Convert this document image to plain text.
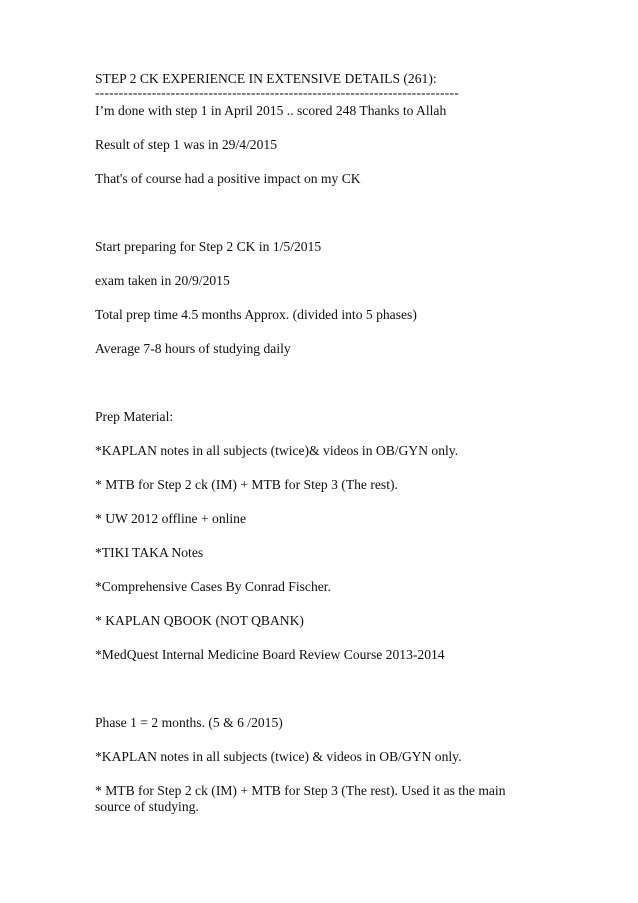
STEP 2 CK EXPERIENCE IN EXTENSIVE DETAILS (261):

-----------------------------------------------------------------------------

I’m done with step 1 in April 2015 .. scored 248 Thanks to Allah

Result of step 1 was in 29/4/2015

That's of course had a positive impact on my CK

Start preparing for Step 2 CK in 1/5/2015

exam taken in 20/9/2015

Total prep time 4.5 months Approx. (divided into 5 phases)

Average 7-8 hours of studying daily

Prep Material:

*KAPLAN notes in all subjects (twice)& videos in OB/GYN only.

* MTB for Step 2 ck (IM) + MTB for Step 3 (The rest).

* UW 2012 offline + online

*TIKI TAKA Notes

*Comprehensive Cases By Conrad Fischer.

* KAPLAN QBOOK (NOT QBANK)

*MedQuest Internal Medicine Board Review Course 2013-2014

Phase 1 = 2 months. (5 & 6 /2015)

*KAPLAN notes in all subjects (twice) & videos in OB/GYN only.

* MTB for Step 2 ck (IM) + MTB for Step 3 (The rest). Used it as the main source of studying.
